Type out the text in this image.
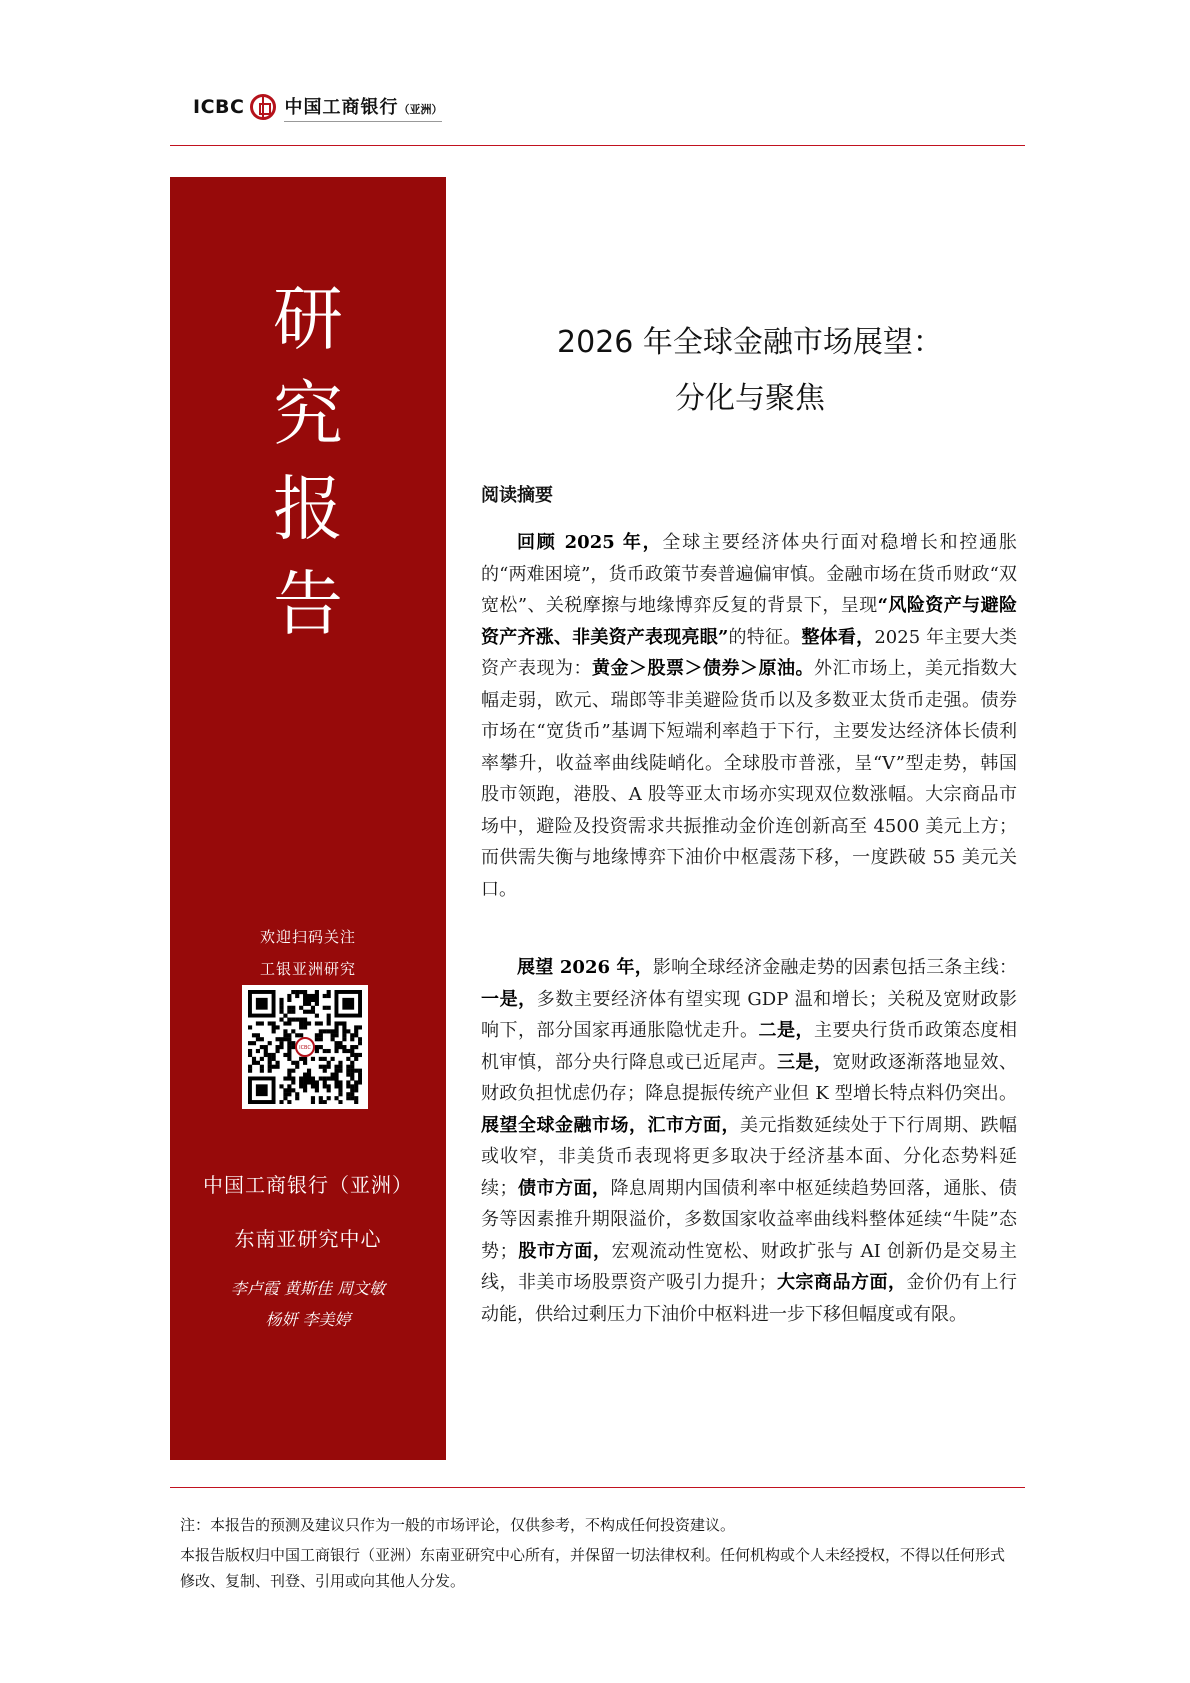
ICBC 中国工商银行（亚洲）
研
究
报
告
欢迎扫码关注
工银亚洲研究
ICBC
中国工商银行（亚洲）
东南亚研究中心
李卢霞 黄斯佳 周文敏
杨妍 李美婷
2026 年全球金融市场展望：
分化与聚焦
阅读摘要
回顾 2025 年，全球主要经济体央行面对稳增长和控通胀的“两难困境”，货币政策节奏普遍偏审慎。金融市场在货币财政“双宽松”、关税摩擦与地缘博弈反复的背景下，呈现“风险资产与避险资产齐涨、非美资产表现亮眼”的特征。整体看，2025 年主要大类资产表现为：黄金＞股票＞债券＞原油。外汇市场上，美元指数大幅走弱，欧元、瑞郎等非美避险货币以及多数亚太货币走强。债券市场在“宽货币”基调下短端利率趋于下行，主要发达经济体长债利率攀升，收益率曲线陡峭化。全球股市普涨，呈“V”型走势，韩国股市领跑，港股、A 股等亚太市场亦实现双位数涨幅。大宗商品市场中，避险及投资需求共振推动金价连创新高至 4500 美元上方；而供需失衡与地缘博弈下油价中枢震荡下移，一度跌破 55 美元关口。
展望 2026 年，影响全球经济金融走势的因素包括三条主线：一是，多数主要经济体有望实现 GDP 温和增长；关税及宽财政影响下，部分国家再通胀隐忧走升。二是，主要央行货币政策态度相机审慎，部分央行降息或已近尾声。三是，宽财政逐渐落地显效、财政负担忧虑仍存；降息提振传统产业但 K 型增长特点料仍突出。展望全球金融市场，汇市方面，美元指数延续处于下行周期、跌幅或收窄，非美货币表现将更多取决于经济基本面、分化态势料延续；债市方面，降息周期内国债利率中枢延续趋势回落，通胀、债务等因素推升期限溢价，多数国家收益率曲线料整体延续“牛陡”态势；股市方面，宏观流动性宽松、财政扩张与 AI 创新仍是交易主线，非美市场股票资产吸引力提升；大宗商品方面，金价仍有上行动能，供给过剩压力下油价中枢料进一步下移但幅度或有限。
注：本报告的预测及建议只作为一般的市场评论，仅供参考，不构成任何投资建议。
本报告版权归中国工商银行（亚洲）东南亚研究中心所有，并保留一切法律权利。任何机构或个人未经授权，不得以任何形式修改、复制、刊登、引用或向其他人分发。
